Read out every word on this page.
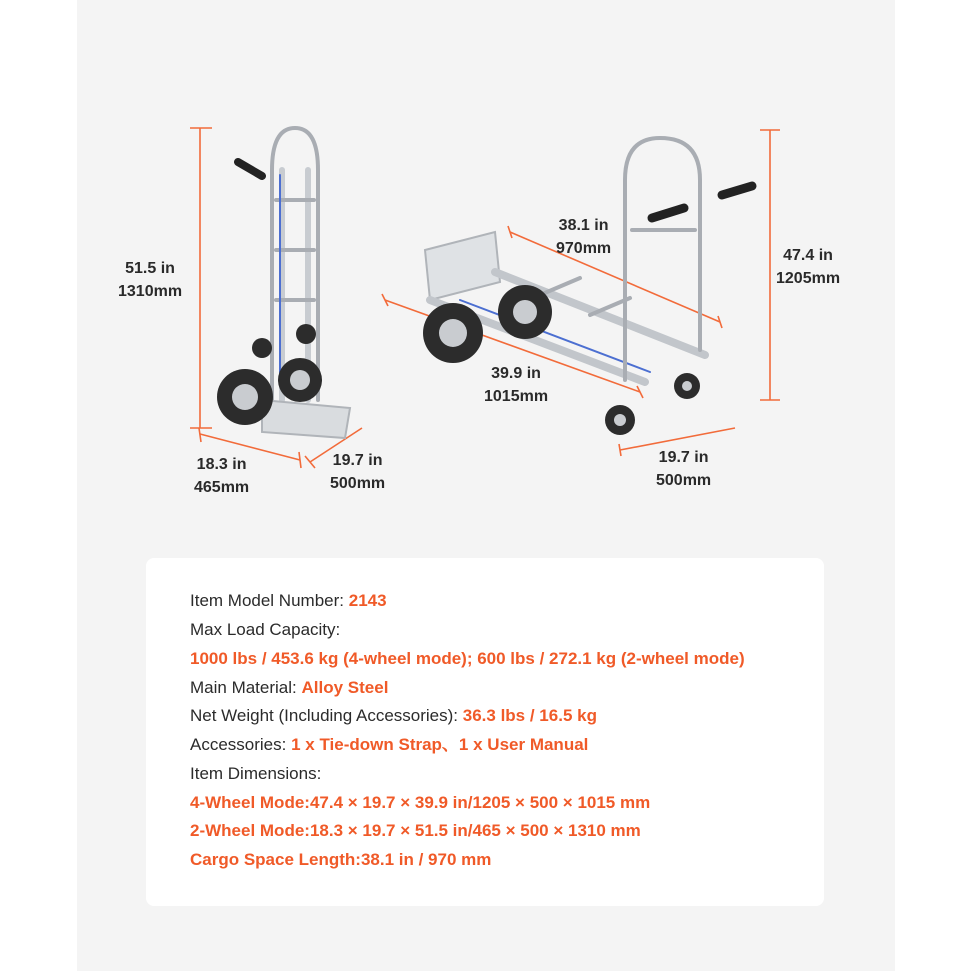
51.5 in
1310mm
18.3 in
465mm
19.7 in
500mm
38.1 in
970mm	47.4 in
1205mm
39.9 in
1015mm
19.7 in
500mm
Item Model Number: 2143
Max Load Capacity:
1000 lbs / 453.6 kg (4-wheel mode); 600 lbs / 272.1 kg (2-wheel mode)
Main Material: Alloy Steel
Net Weight (Including Accessories): 36.3 lbs / 16.5 kg
Accessories: 1 x Tie-down Strap、1 x User Manual
Item Dimensions:
4-Wheel Mode:47.4 × 19.7 × 39.9 in/1205 × 500 × 1015 mm
2-Wheel Mode:18.3 × 19.7 × 51.5 in/465 × 500 × 1310 mm
Cargo Space Length:38.1 in / 970 mm
